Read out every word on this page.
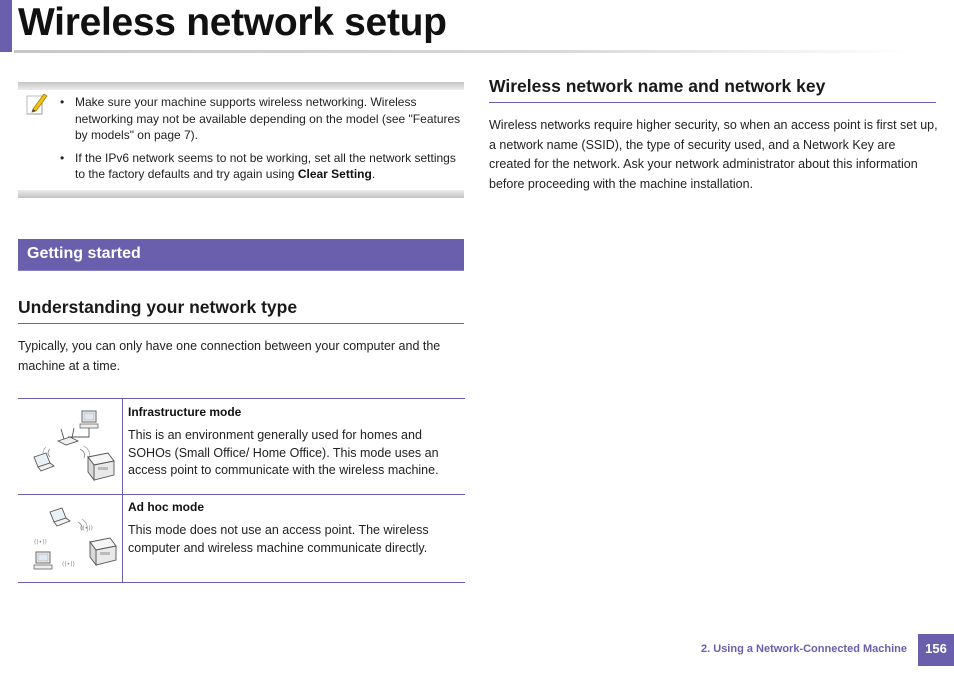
Wireless network setup
• Make sure your machine supports wireless networking. Wireless networking may not be available depending on the model (see "Features by models" on page 7).
• If the IPv6 network seems to not be working, set all the network settings to the factory defaults and try again using Clear Setting.
Getting started
Understanding your network type

Typically, you can only have one connection between your computer and the machine at a time.

Infrastructure mode

This is an environment generally used for homes and SOHOs (Small Office/ Home Office). This mode uses an access point to communicate with the wireless machine.

((•))
((•))
((•))

Ad hoc mode

This mode does not use an access point. The wireless computer and wireless machine communicate directly.

Wireless network name and network key

Wireless networks require higher security, so when an access point is first set up, a network name (SSID), the type of security used, and a Network Key are created for the network. Ask your network administrator about this information before proceeding with the machine installation.

2. Using a Network-Connected Machine	156
